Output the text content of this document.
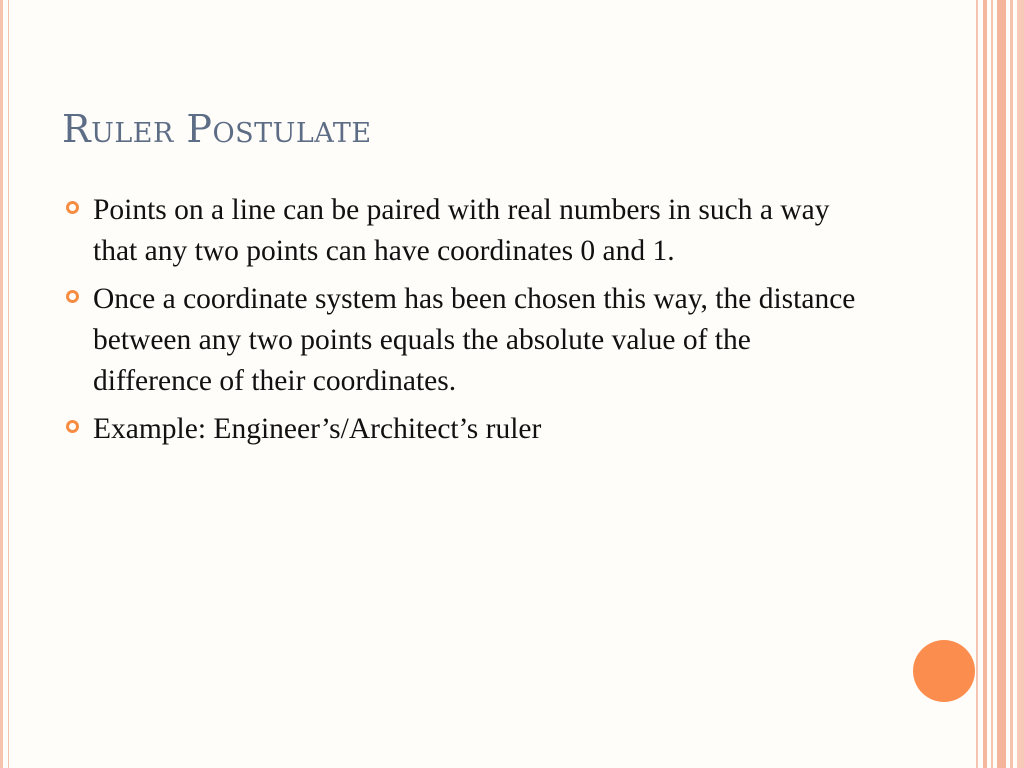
Ruler Postulate
Points on a line can be paired with real numbers in such a way that any two points can have coordinates 0 and 1.
Once a coordinate system has been chosen this way, the distance between any two points equals the absolute value of the difference of their coordinates.
Example: Engineer’s/Architect’s ruler
